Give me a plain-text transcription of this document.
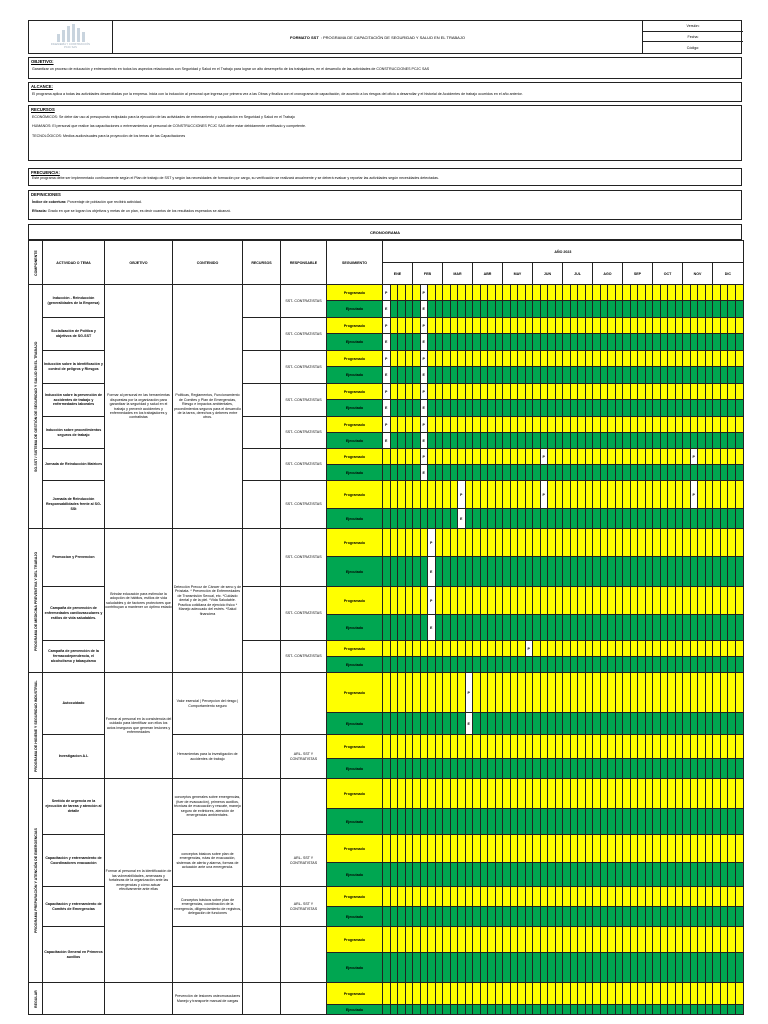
INGENIERÍA Y CONSTRUCCIÓN
PCJC SAS
FORMATO SST : PROGRAMA DE CAPACITACIÓN DE SEGURIDAD Y SALUD EN EL TRABAJO
Versión:
Fecha:
Código:
OBJETIVO:
Garantizar un proceso de educación y entrenamiento en todos los aspectos relacionados con Seguridad y Salud en el Trabajo para lograr un alto desempeño de los trabajadores, en el desarrollo de las actividades de CONSTRUCCIONES PCJC SAS
ALCANCE:
El programa aplica a todas las actividades desarrolladas por la empresa. Inicia con la inducción al personal que ingresa por primera vez a las Obras y finaliza con el cronograma de capacitación, de acuerdo a los riesgos del oficio a desarrollar y el historial de Accidentes de trabajo ocurridos en el año anterior.
RECURSOS
ECONÓMICOS: Se debe dar uso al presupuesto estipulado para la ejecución de las actividades de entrenamiento y capacitación en Seguridad y Salud en el Trabajo
HUMANOS: El personal que realice las capacitaciones o entrenamientos al personal de CONSTRUCCIONES PCJC SAS debe estar debidamente certificado y competente.
TECNOLÓGICOS: Medios audiovisuales para la proyección de los temas de las Capacitaciones
FRECUENCIA:
Este programa debe ser implementado continuamente según el Plan de trabajo de SST y según las necesidades de formación por cargo, su verificación se realizará anualmente y se deberá evaluar y reportar las actividades según necesidades detectadas.
DEFINICIONES
Índice de cobertura: Porcentaje de población que recibirá actividad.
Eficacia: Grado en que se logran los objetivos y metas de un plan, es decir cuantos de los resultados esperados se alcanzó.
CRONOGRAMA
COMPONENTE	ACTIVIDAD O TEMA	OBJETIVO	CONTENIDO	RECURSOS	RESPONSABLE	SEGUIMIENTO	AÑO 2023																																															
							ENE				FEB				MAR				ABR				MAY				JUN				JUL				AGO				SEP				OCT				NOV				DIC			
SG-SST / SISTEMA DE GESTIÓN DE SEGURIDAD Y SALUD EN EL TRABAJO	Inducción - Reinducción (generalidades de la Empresa)	Formar al personal en las herramientas dispuestas por la organización para garantizar la seguridad y salud en el trabajo y prevenir accidentes y enfermedades en los trabajadores y contratistas	Políticas, Reglamentos, Funcionamiento de Comites y Plan de Emergencias, Riesgo e impactos ambientales, procedimientos seguros para el desarrollo de la tarea, derechos y deberes entre otros.		SST- CONTRATISTAS	Programado	P					P																																										
						Ejecutado	E					E																																										
	Socialización de Política y objetivos de SG-SST				SST- CONTRATISTAS	Programado	P					P																																										
						Ejecutado	E					E																																										
	Inducción sobre la identificación y control de peligros y Riesgos				SST- CONTRATISTAS	Programado	P					P																																										
						Ejecutado	E					E																																										
	Inducción sobre la prevención de accidentes de trabajo y enfermedades laborales				SST- CONTRATISTAS	Programado	P					P																																										
						Ejecutado	E					E																																										
	Inducción sobre procedimientos seguros de trabajo				SST- CONTRATISTAS	Programado	P					P																																										
						Ejecutado	E					E																																										
	Jornada de Reinducción Matrices				SST- CONTRATISTAS	Programado						P																P																				P						
						Ejecutado						E																																										
	Jornada de Reinducción Responsabilidades frente al SG-SSt				SST- CONTRATISTAS	Programado											P											P																				P						
						Ejecutado											E																																					
PROGRAMA DE MEDICINA PREVENTIVA Y DEL TRABAJO	Promocion y Prevencion	Brindar educación para estimular la adopción de hábitos, estilos de vida saludables y de factores protectores que contribuyan a mantener un óptimo estado	Detección Precoz de Cáncer de seno y de Próstata. * Prevención de Enfermedades de Transmisión Sexual, etc. *Cuidado dental y de la piel. *Vida Saludable. Practica cotidiana de ejercicio físico * Manejo adecuado del estrés. *Salud financiera		SST- CONTRATISTAS	Programado							P																																									
						Ejecutado							E																																									
	Campaña de prevención de enfermedades cardiovasculares y estilos de vida saludables.				SST- CONTRATISTAS	Programado							P																																									
						Ejecutado							E																																									
	Campaña de prevención de la fermacodependencia, el alcoholismo y tabaquismo				SST- CONTRATISTAS	Programado																				P																												
						Ejecutado																																																
PROGRAMA DE HIGIENE Y SEGURIDAD INDUSTRIAL	Autocuidado	Formar al personal en la consistencia del cuidado para identificar con ellos los actos inseguros que generan lesiones y enfermedades	Valor esencial | Percepcion del riesgo | Comportamiento seguro			Programado												P																																				
						Ejecutado												E																																				
	Investigacion A.L		Herramientas para la investigación de accidentes de trabajo		ARL- SST Y CONTRATISTAS	Programado																																																
						Ejecutado																																																
PROGRAMA PREPARACIÓN Y ATENCIÓN DE EMERGENCIAS	Sentido de urgencia en la ejecución de tareas y atención al detalle	Formar al personal en la identificación de las vulnerabilidades, amenazas y fortalezas de la organización ante las emergencias y cómo actuar efectivamente ante ellas	conceptos generales sobre emergencias, (fuer de evacuación), primeros auxilios, técnicas de evacuación y rescate, manejo seguro de extintores, atención de emergencias ambientales.			Programado																																																
						Ejecutado																																																
	Capacitación y entrenamiento de Coordinadores evacuación		conceptos básicos sobre plan de emergencias, rutas de evacuación, sistemas de alerta y alarma, formas de actuación ante una emergencia.		ARL- SST Y CONTRATISTAS	Programado																																																
						Ejecutado																																																
	Capacitación y entrenamiento de Comités de Emergencias		Conceptos básicos sobre plan de emergencias, coordinación de la emergencia, diligenciamiento de registros, delegación de funciones		ARL- SST Y CONTRATISTAS	Programado																																																
						Ejecutado																																																
	Capacitación General en Primeros auxilios					Programado																																																
						Ejecutado																																																
REGULAR			Prevención de lesiones osteomusculares Manejo y transporte manual de cargas			Programado																																																
						Ejecutado																																																
